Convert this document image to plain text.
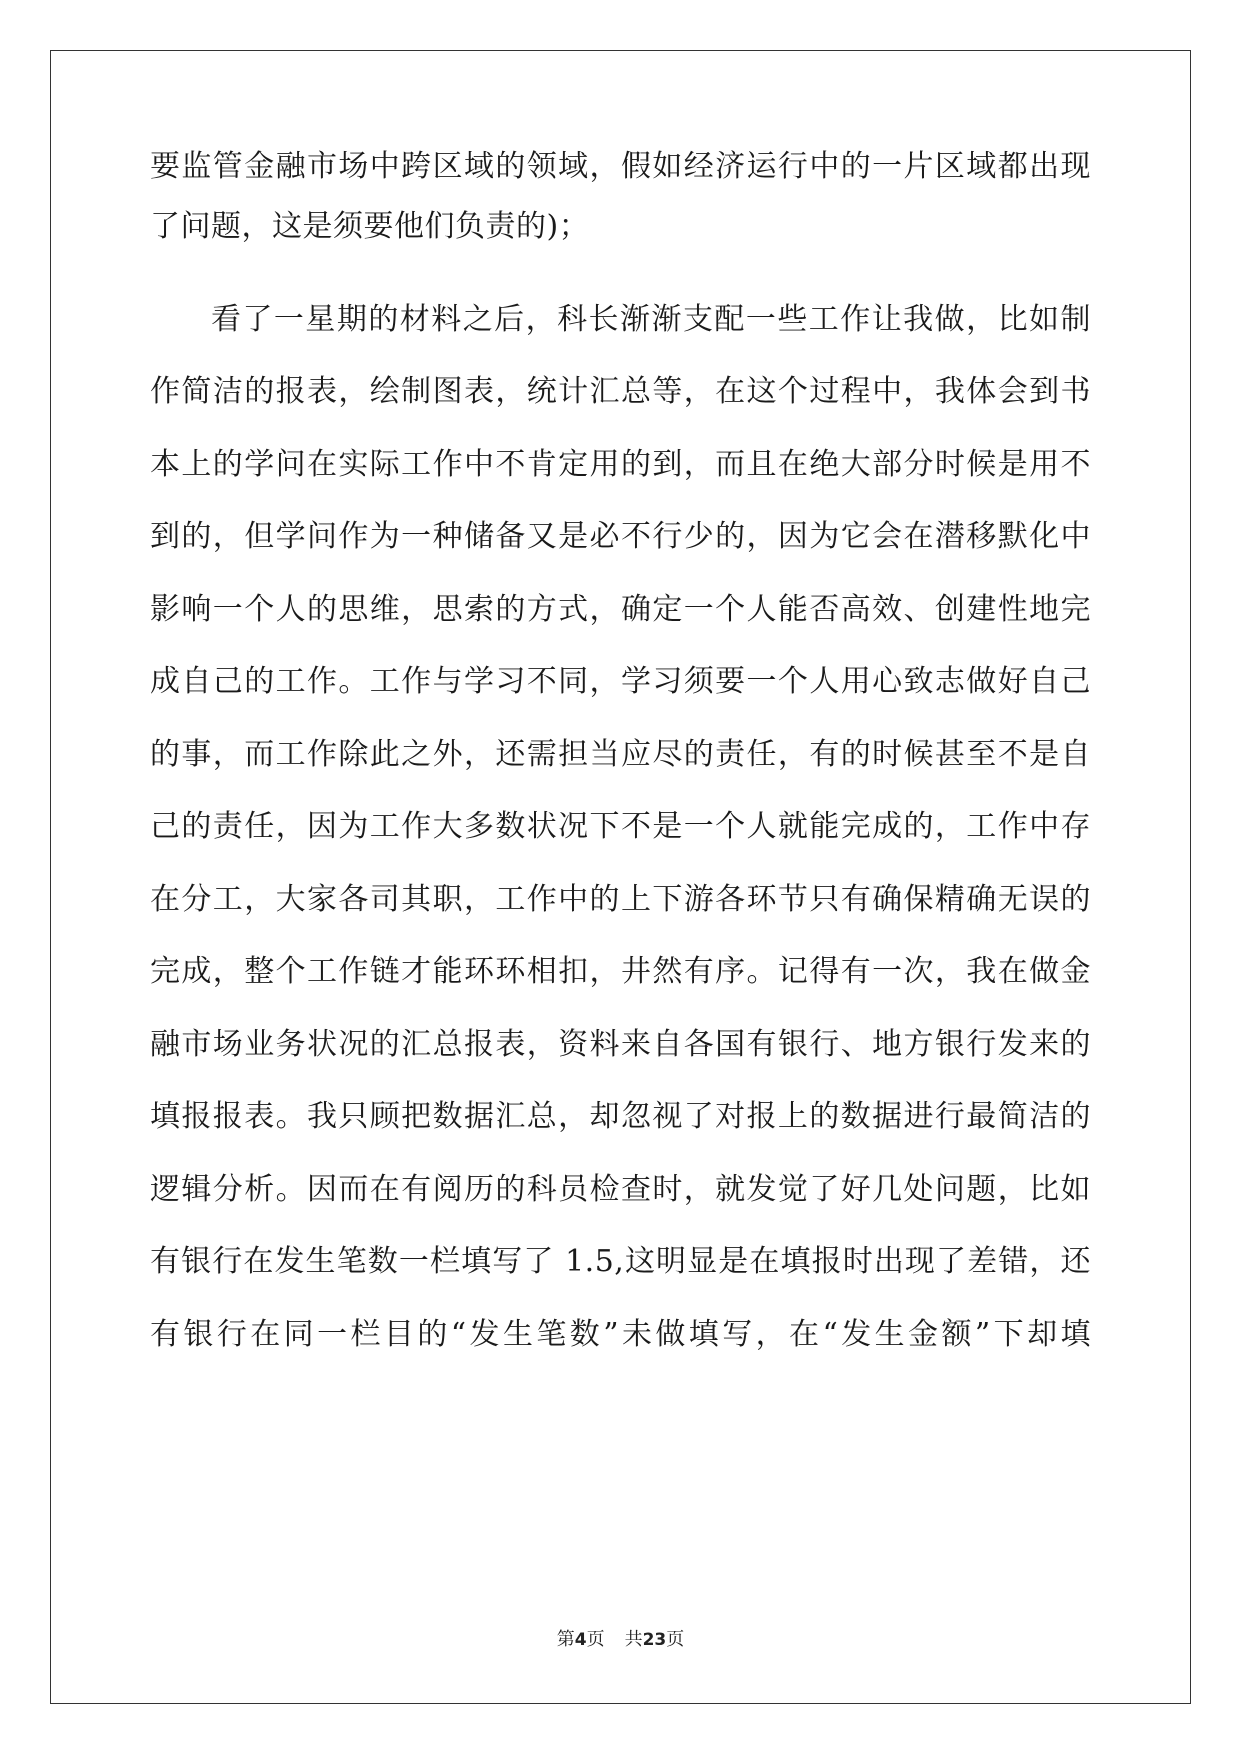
要监管金融市场中跨区域的领域，假如经济运行中的一片区域都出现
了问题，这是须要他们负责的)；
看了一星期的材料之后，科长渐渐支配一些工作让我做，比如制
作简洁的报表，绘制图表，统计汇总等，在这个过程中，我体会到书
本上的学问在实际工作中不肯定用的到，而且在绝大部分时候是用不
到的，但学问作为一种储备又是必不行少的，因为它会在潜移默化中
影响一个人的思维，思索的方式，确定一个人能否高效、创建性地完
成自己的工作。工作与学习不同，学习须要一个人用心致志做好自己
的事，而工作除此之外，还需担当应尽的责任，有的时候甚至不是自
己的责任，因为工作大多数状况下不是一个人就能完成的，工作中存
在分工，大家各司其职，工作中的上下游各环节只有确保精确无误的
完成，整个工作链才能环环相扣，井然有序。记得有一次，我在做金
融市场业务状况的汇总报表，资料来自各国有银行、地方银行发来的
填报报表。我只顾把数据汇总，却忽视了对报上的数据进行最简洁的
逻辑分析。因而在有阅历的科员检查时，就发觉了好几处问题，比如
有银行在发生笔数一栏填写了 1.5,这明显是在填报时出现了差错，还
有银行在同一栏目的“发生笔数”未做填写，在“发生金额”下却填
第4页 共23页
